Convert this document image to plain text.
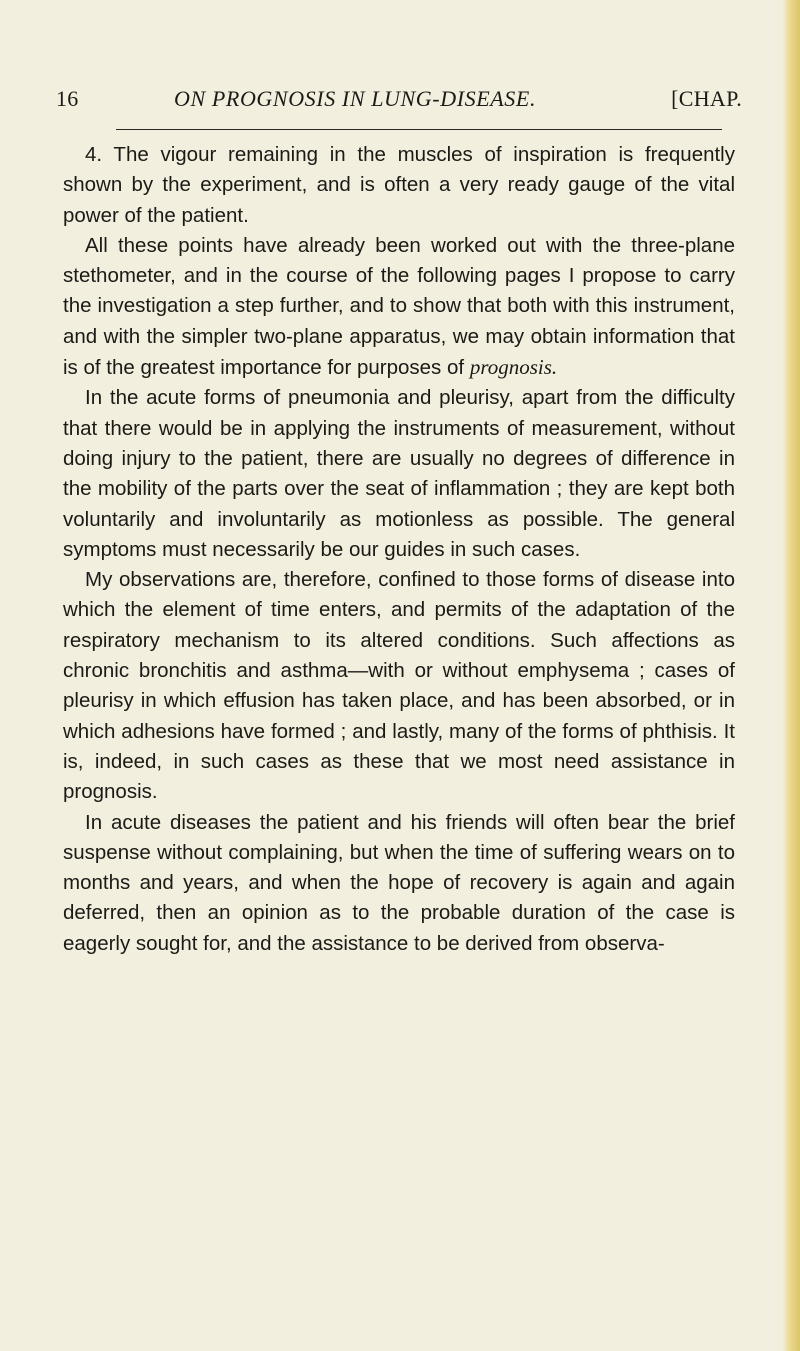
16	ON PROGNOSIS IN LUNG-DISEASE.	[CHAP.

4. The vigour remaining in the muscles of inspiration is frequently shown by the experiment, and is often a very ready gauge of the vital power of the patient.

All these points have already been worked out with the three-plane stethometer, and in the course of the following pages I propose to carry the investigation a step further, and to show that both with this instrument, and with the simpler two-plane apparatus, we may obtain information that is of the greatest importance for purposes of prognosis.

In the acute forms of pneumonia and pleurisy, apart from the difficulty that there would be in applying the instruments of measurement, without doing injury to the patient, there are usually no degrees of difference in the mobility of the parts over the seat of inflammation ; they are kept both voluntarily and involuntarily as motionless as possible. The general symptoms must necessarily be our guides in such cases.

My observations are, therefore, confined to those forms of disease into which the element of time enters, and permits of the adaptation of the respiratory mechanism to its altered conditions. Such affections as chronic bronchitis and asthma—with or without emphysema ; cases of pleurisy in which effusion has taken place, and has been absorbed, or in which adhesions have formed ; and lastly, many of the forms of phthisis. It is, indeed, in such cases as these that we most need assistance in prognosis.

In acute diseases the patient and his friends will often bear the brief suspense without complaining, but when the time of suffering wears on to months and years, and when the hope of recovery is again and again deferred, then an opinion as to the probable duration of the case is eagerly sought for, and the assistance to be derived from observa-
